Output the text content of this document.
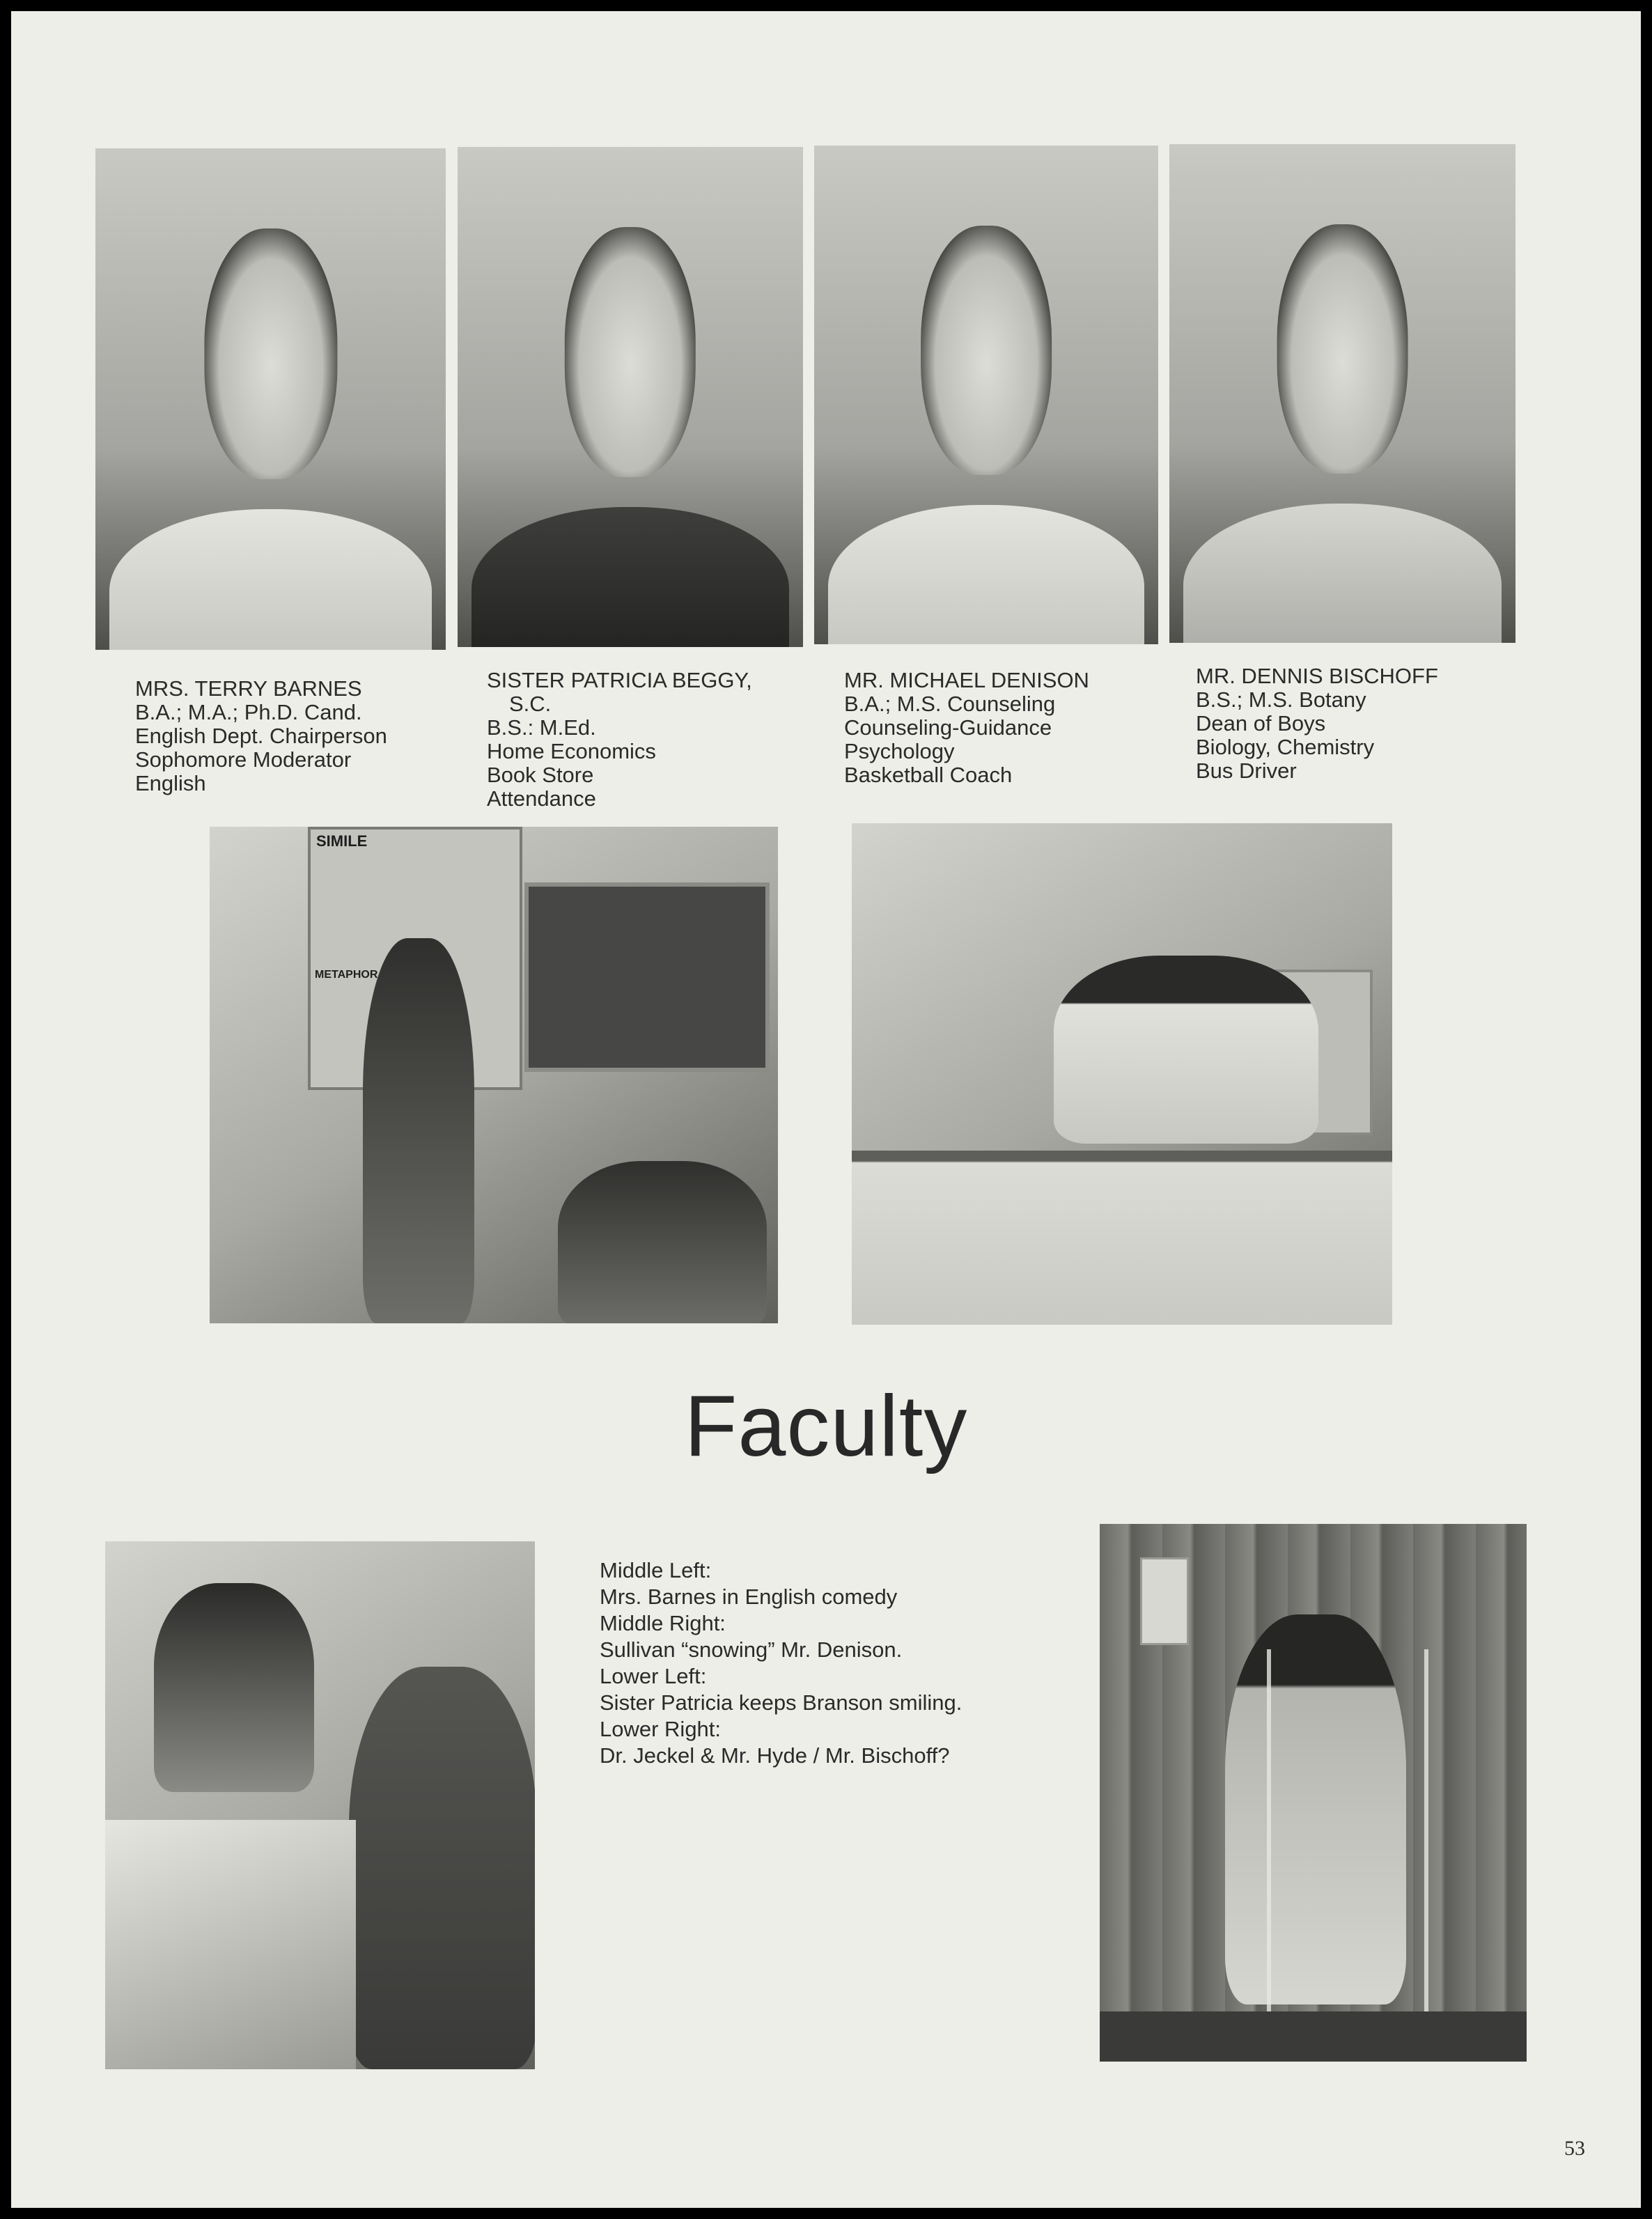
MRS. TERRY BARNES
B.A.; M.A.; Ph.D. Cand.
English Dept. Chairperson
Sophomore Moderator
English
SISTER PATRICIA BEGGY,
S.C.
B.S.: M.Ed.
Home Economics
Book Store
Attendance
MR. MICHAEL DENISON
B.A.; M.S. Counseling
Counseling-Guidance
Psychology
Basketball Coach
MR. DENNIS BISCHOFF
B.S.; M.S. Botany
Dean of Boys
Biology, Chemistry
Bus Driver
SIMILE
METAPHOR
Faculty
Middle Left:
Mrs. Barnes in English comedy
Middle Right:
Sullivan “snowing” Mr. Denison.
Lower Left:
Sister Patricia keeps Branson smiling.
Lower Right:
Dr. Jeckel & Mr. Hyde / Mr. Bischoff?
53
